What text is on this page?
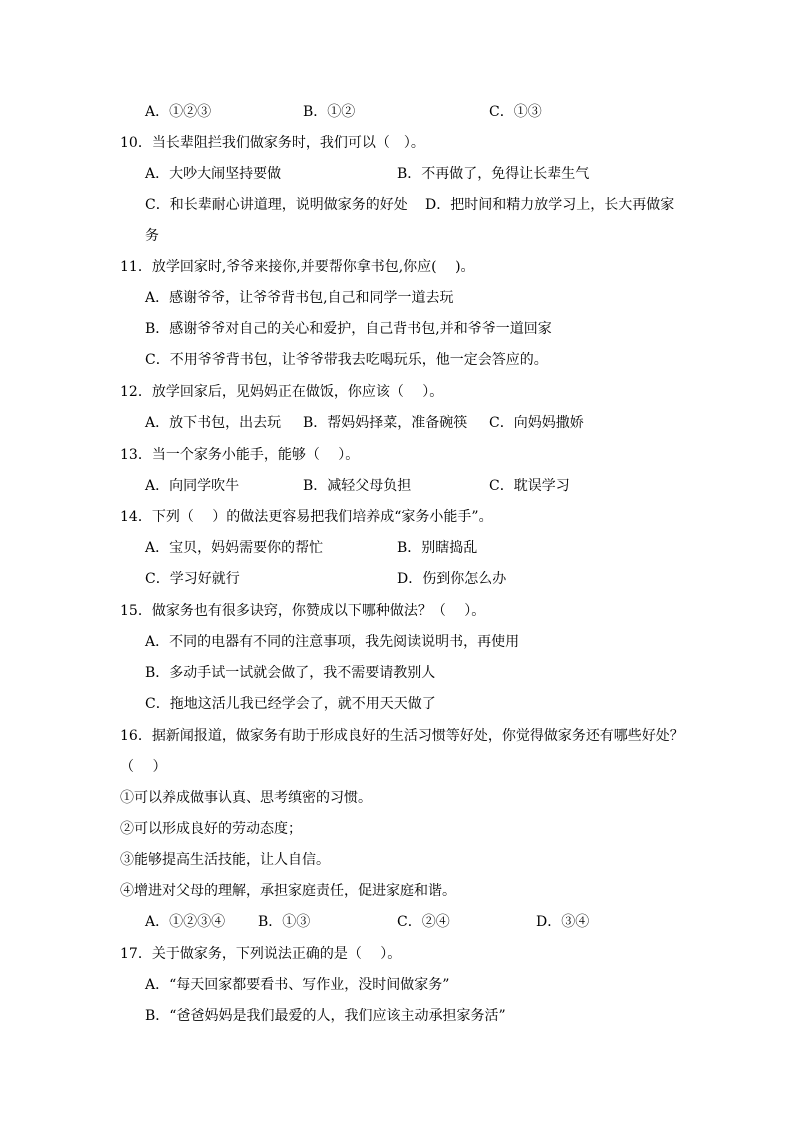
A．①②③	B．①②	C．①③
10．当长辈阻拦我们做家务时，我们可以（　）。
A．大吵大闹坚持要做	B．不再做了，免得让长辈生气
C．和长辈耐心讲道理，说明做家务的好处 D．把时间和精力放学习上，长大再做家
务
11．放学回家时,爷爷来接你,并要帮你拿书包,你应(　 )。
A．感谢爷爷，让爷爷背书包,自己和同学一道去玩
B．感谢爷爷对自己的关心和爱护，自己背书包,并和爷爷一道回家
C．不用爷爷背书包，让爷爷带我去吃喝玩乐，他一定会答应的。
12．放学回家后，见妈妈正在做饭，你应该（　 ）。
A．放下书包，出去玩 B．帮妈妈择菜，准备碗筷 C．向妈妈撒娇
13．当一个家务小能手，能够（　 ）。
A．向同学吹牛	B．减轻父母负担	C．耽误学习
14．下列（　 ）的做法更容易把我们培养成“家务小能手”。
A．宝贝，妈妈需要你的帮忙	B．别瞎捣乱
C．学习好就行	D．伤到你怎么办
15．做家务也有很多诀窍，你赞成以下哪种做法？（　 ）。
A．不同的电器有不同的注意事项，我先阅读说明书，再使用
B．多动手试一试就会做了，我不需要请教别人
C．拖地这活儿我已经学会了，就不用天天做了
16．据新闻报道，做家务有助于形成良好的生活习惯等好处，你觉得做家务还有哪些好处？
（　 ）
①可以养成做事认真、思考缜密的习惯。
②可以形成良好的劳动态度；
③能够提高生活技能，让人自信。
④增进对父母的理解，承担家庭责任，促进家庭和谐。
A．①②③④ B．①③	C．②④	D．③④
17．关于做家务，下列说法正确的是（　 ）。
A．“每天回家都要看书、写作业，没时间做家务”
B．“爸爸妈妈是我们最爱的人，我们应该主动承担家务活”
